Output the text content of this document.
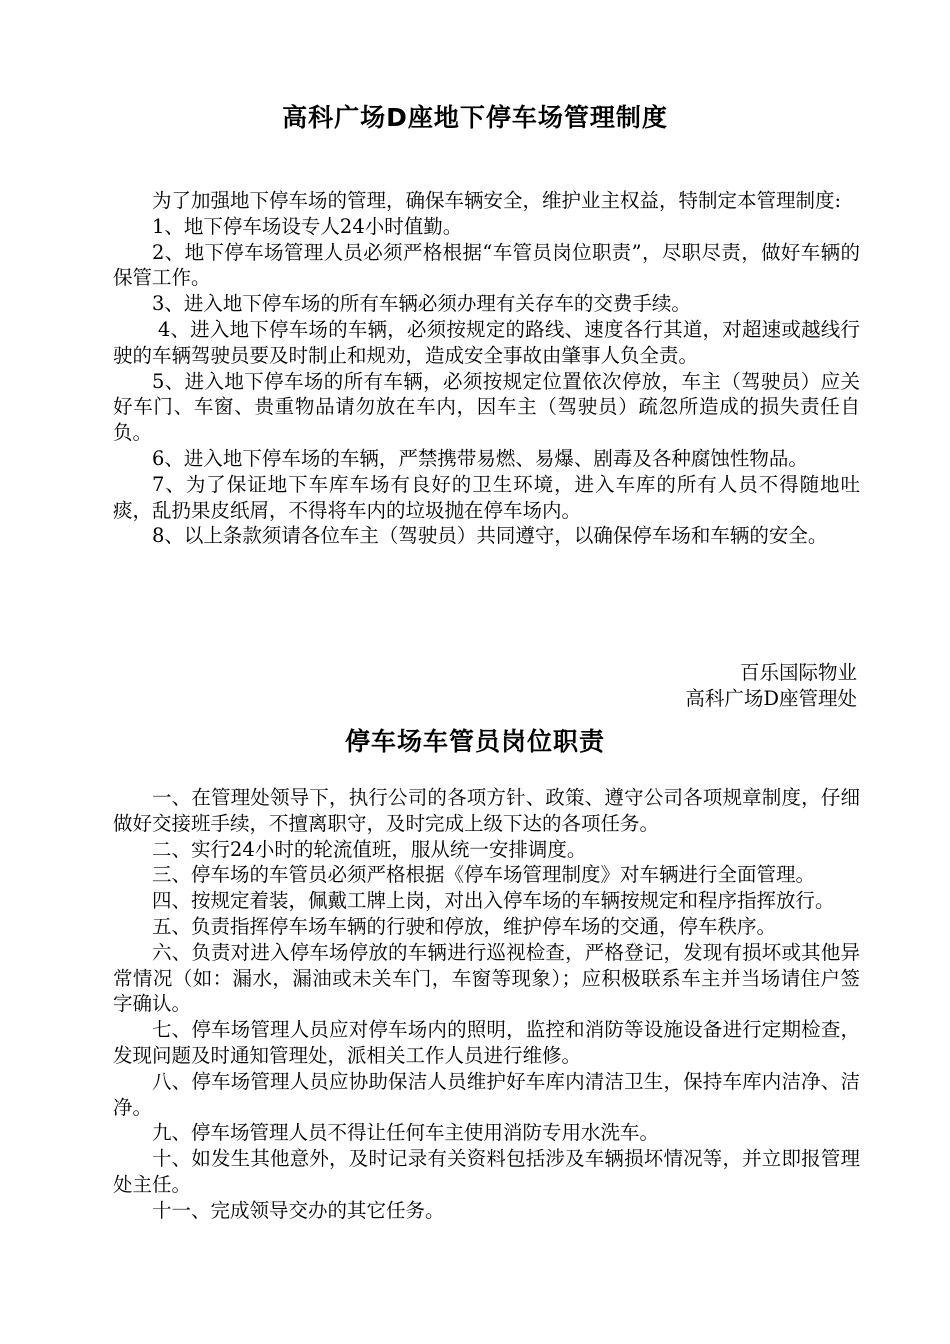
高科广场D座地下停车场管理制度

为了加强地下停车场的管理，确保车辆安全，维护业主权益，特制定本管理制度:

1、地下停车场设专人24小时值勤。

2、地下停车场管理人员必须严格根据“车管员岗位职责”，尽职尽责，做好车辆的保管工作。

3、进入地下停车场的所有车辆必须办理有关存车的交费手续。

4、进入地下停车场的车辆，必须按规定的路线、速度各行其道，对超速或越线行驶的车辆驾驶员要及时制止和规劝，造成安全事故由肇事人负全责。

5、进入地下停车场的所有车辆，必须按规定位置依次停放，车主（驾驶员）应关好车门、车窗、贵重物品请勿放在车内，因车主（驾驶员）疏忽所造成的损失责任自负。

6、进入地下停车场的车辆，严禁携带易燃、易爆、剧毒及各种腐蚀性物品。

7、为了保证地下车库车场有良好的卫生环境，进入车库的所有人员不得随地吐痰，乱扔果皮纸屑，不得将车内的垃圾抛在停车场内。

8、以上条款须请各位车主（驾驶员）共同遵守，以确保停车场和车辆的安全。

百乐国际物业
高科广场D座管理处
停车场车管员岗位职责

一、在管理处领导下，执行公司的各项方针、政策、遵守公司各项规章制度，仔细做好交接班手续，不擅离职守，及时完成上级下达的各项任务。

二、实行24小时的轮流值班，服从统一安排调度。

三、停车场的车管员必须严格根据《停车场管理制度》对车辆进行全面管理。

四、按规定着装，佩戴工牌上岗，对出入停车场的车辆按规定和程序指挥放行。

五、负责指挥停车场车辆的行驶和停放，维护停车场的交通，停车秩序。

六、负责对进入停车场停放的车辆进行巡视检查，严格登记，发现有损坏或其他异常情况（如：漏水，漏油或未关车门，车窗等现象）；应积极联系车主并当场请住户签字确认。

七、停车场管理人员应对停车场内的照明，监控和消防等设施设备进行定期检查，发现问题及时通知管理处，派相关工作人员进行维修。

八、停车场管理人员应协助保洁人员维护好车库内清洁卫生，保持车库内洁净、洁净。

九、停车场管理人员不得让任何车主使用消防专用水洗车。

十、如发生其他意外，及时记录有关资料包括涉及车辆损坏情况等，并立即报管理处主任。

十一、完成领导交办的其它任务。
